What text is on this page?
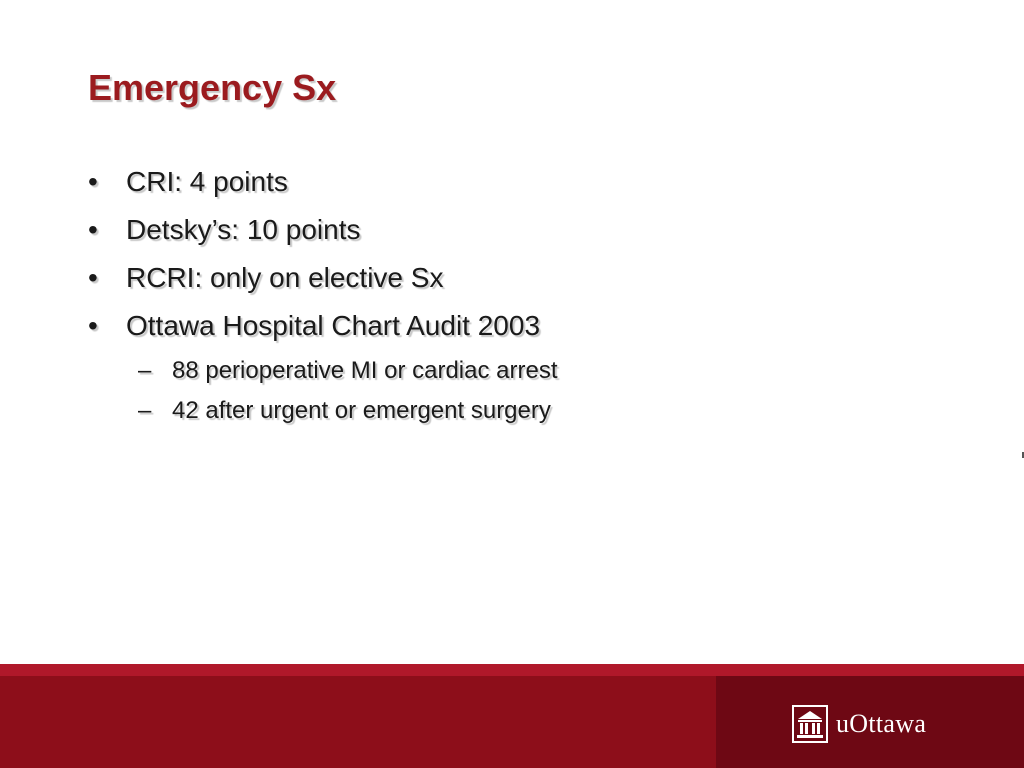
Emergency Sx
•	CRI: 4 points
•	Detsky’s: 10 points
•	RCRI: only on elective Sx
•	Ottawa Hospital Chart Audit 2003
– 88 perioperative MI or cardiac arrest
– 42 after urgent or emergent surgery
uOttawa
